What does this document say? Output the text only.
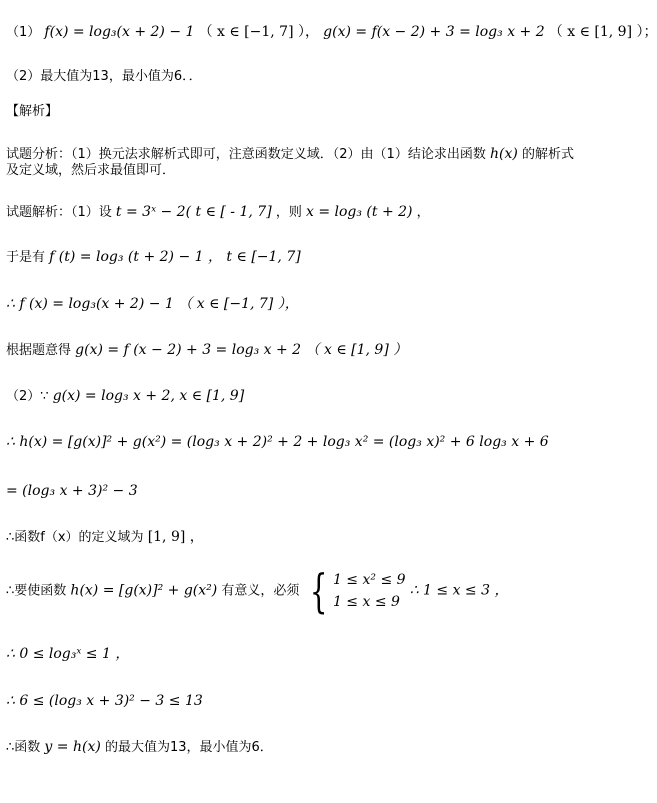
（1） f(x) = log₃(x + 2) − 1 （ x ∈ [−1, 7] ）， g(x) = f(x − 2) + 3 = log₃ x + 2 （ x ∈ [1, 9] ）；
（2）最大值为13，最小值为6．．
【解析】
试题分析：（1）换元法求解析式即可，注意函数定义域．（2）由（1）结论求出函数 h(x) 的解析式
及定义域，然后求最值即可．
试题解析：（1）设 t = 3ˣ − 2( t ∈ [ - 1, 7] ，则 x = log₃ (t + 2) ，
于是有 f (t) = log₃ (t + 2) − 1 ， t ∈ [−1, 7]
∴ f (x) = log₃(x + 2) − 1 （ x ∈ [−1, 7] ），
根据题意得 g(x) = f (x − 2) + 3 = log₃ x + 2 （ x ∈ [1, 9] ）
（2）∵ g(x) = log₃ x + 2, x ∈ [1, 9]
∴ h(x) = [g(x)]² + g(x²) = (log₃ x + 2)² + 2 + log₃ x² = (log₃ x)² + 6 log₃ x + 6
= (log₃ x + 3)² − 3
∴函数f（x）的定义域为 [1, 9] ，
∴要使函数 h(x) = [g(x)]² + g(x²) 有意义，必须 { 1 ≤ x² ≤ 9
1 ≤ x ≤ 9 ∴ 1 ≤ x ≤ 3 ，
∴ 0 ≤ log₃ˣ ≤ 1 ，
∴ 6 ≤ (log₃ x + 3)² − 3 ≤ 13
∴函数 y = h(x) 的最大值为13，最小值为6．
